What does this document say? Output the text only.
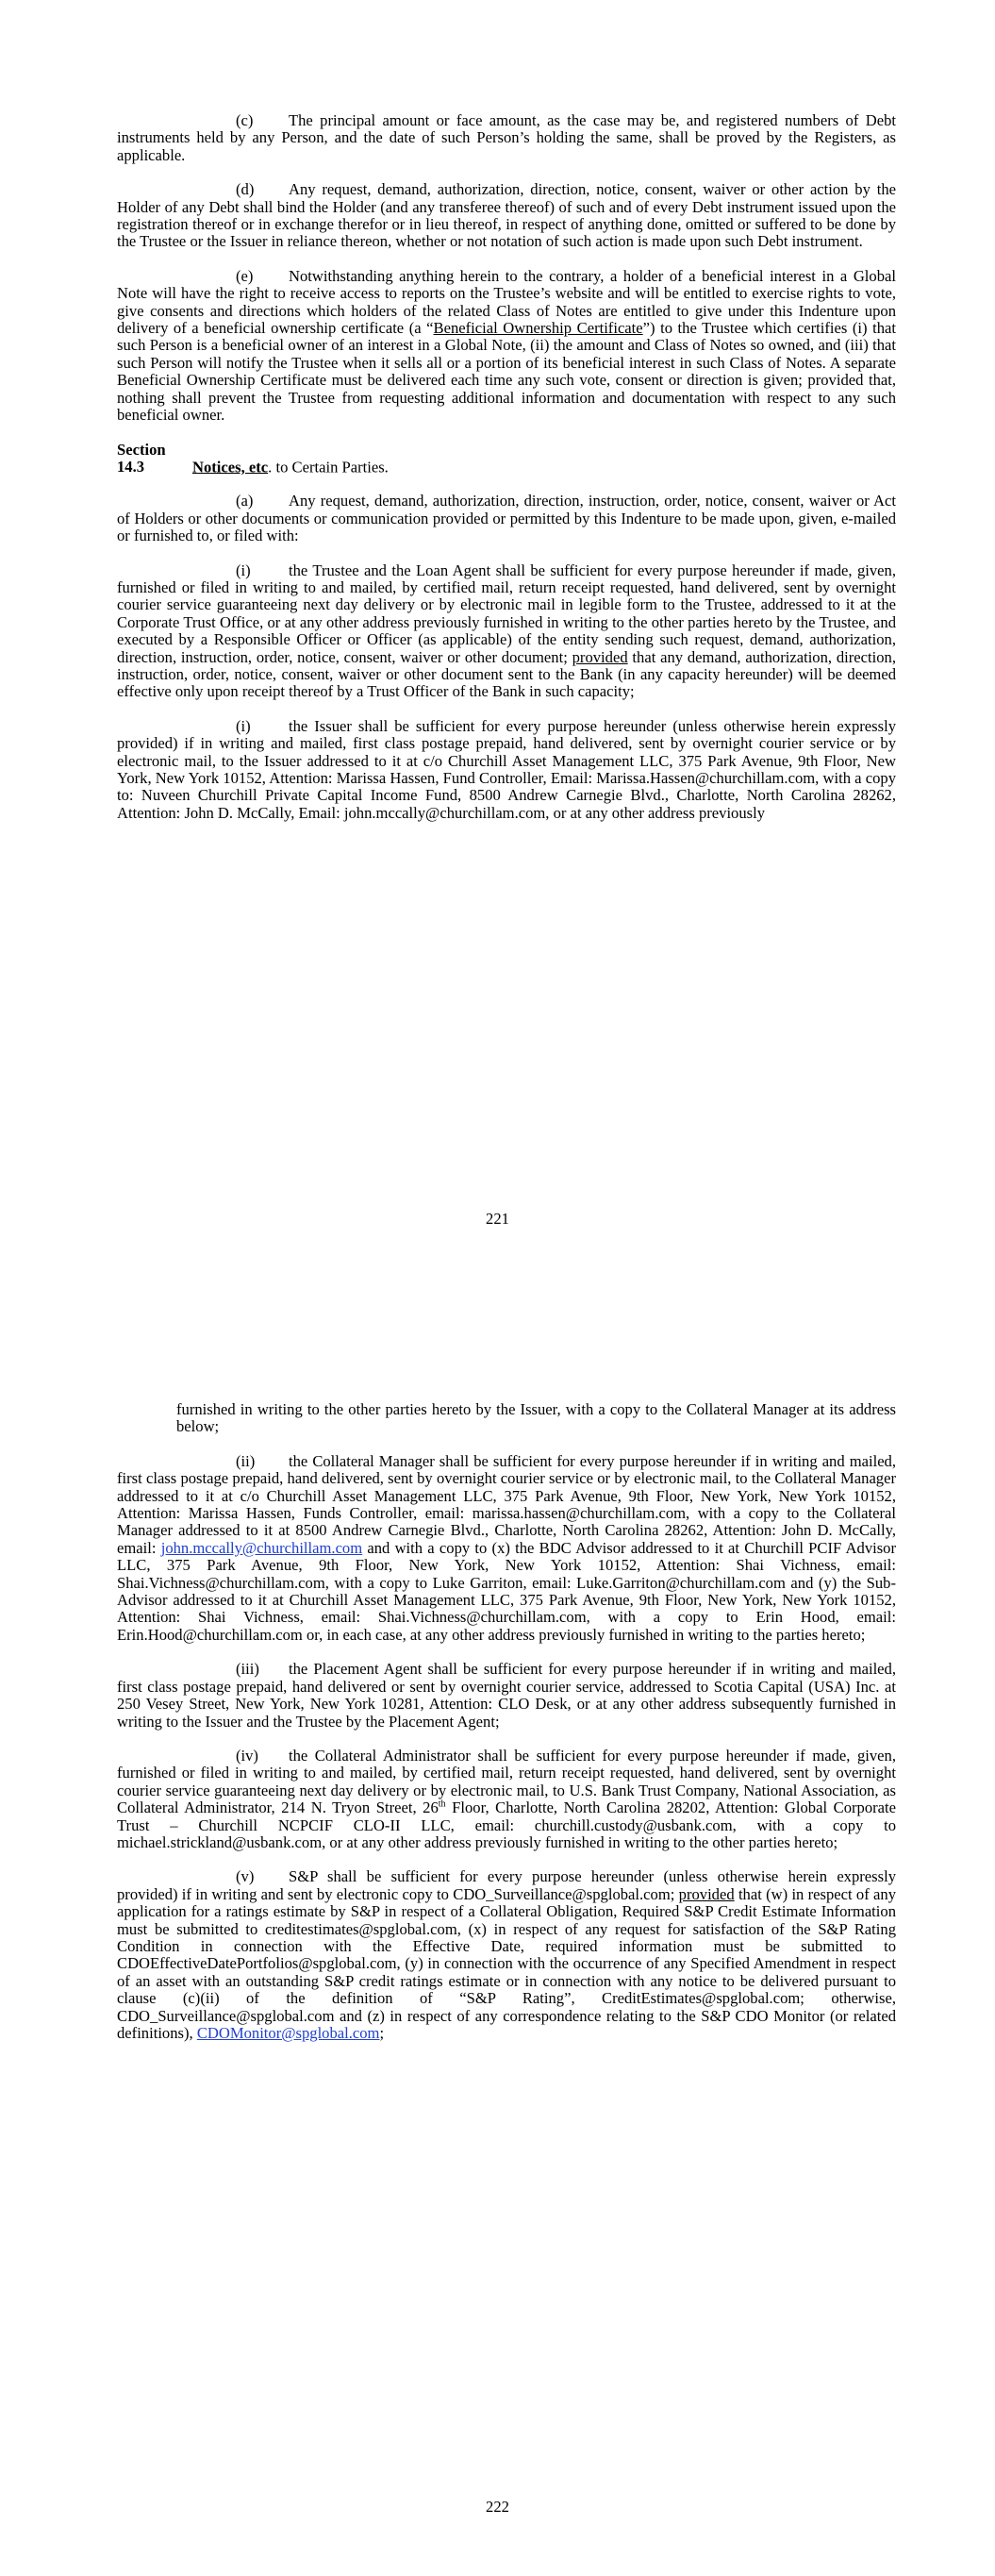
(c) The principal amount or face amount, as the case may be, and registered numbers of Debt instruments held by any Person, and the date of such Person’s holding the same, shall be proved by the Registers, as applicable.

(d) Any request, demand, authorization, direction, notice, consent, waiver or other action by the Holder of any Debt shall bind the Holder (and any transferee thereof) of such and of every Debt instrument issued upon the registration thereof or in exchange therefor or in lieu thereof, in respect of anything done, omitted or suffered to be done by the Trustee or the Issuer in reliance thereon, whether or not notation of such action is made upon such Debt instrument.

(e) Notwithstanding anything herein to the contrary, a holder of a beneficial interest in a Global Note will have the right to receive access to reports on the Trustee’s website and will be entitled to exercise rights to vote, give consents and directions which holders of the related Class of Notes are entitled to give under this Indenture upon delivery of a beneficial ownership certificate (a “Beneficial Ownership Certificate”) to the Trustee which certifies (i) that such Person is a beneficial owner of an interest in a Global Note, (ii) the amount and Class of Notes so owned, and (iii) that such Person will notify the Trustee when it sells all or a portion of its beneficial interest in such Class of Notes. A separate Beneficial Ownership Certificate must be delivered each time any such vote, consent or direction is given; provided that, nothing shall prevent the Trustee from requesting additional information and documentation with respect to any such beneficial owner.

Section 14.3	Notices, etc. to Certain Parties.

(a) Any request, demand, authorization, direction, instruction, order, notice, consent, waiver or Act of Holders or other documents or communication provided or permitted by this Indenture to be made upon, given, e-mailed or furnished to, or filed with:

(i) the Trustee and the Loan Agent shall be sufficient for every purpose hereunder if made, given, furnished or filed in writing to and mailed, by certified mail, return receipt requested, hand delivered, sent by overnight courier service guaranteeing next day delivery or by electronic mail in legible form to the Trustee, addressed to it at the Corporate Trust Office, or at any other address previously furnished in writing to the other parties hereto by the Trustee, and executed by a Responsible Officer or Officer (as applicable) of the entity sending such request, demand, authorization, direction, instruction, order, notice, consent, waiver or other document; provided that any demand, authorization, direction, instruction, order, notice, consent, waiver or other document sent to the Bank (in any capacity hereunder) will be deemed effective only upon receipt thereof by a Trust Officer of the Bank in such capacity;

(i) the Issuer shall be sufficient for every purpose hereunder (unless otherwise herein expressly provided) if in writing and mailed, first class postage prepaid, hand delivered, sent by overnight courier service or by electronic mail, to the Issuer addressed to it at c/o Churchill Asset Management LLC, 375 Park Avenue, 9th Floor, New York, New York 10152, Attention: Marissa Hassen, Fund Controller, Email: Marissa.Hassen@churchillam.com, with a copy to: Nuveen Churchill Private Capital Income Fund, 8500 Andrew Carnegie Blvd., Charlotte, North Carolina 28262, Attention: John D. McCally, Email: john.mccally@churchillam.com, or at any other address previously

221

furnished in writing to the other parties hereto by the Issuer, with a copy to the Collateral Manager at its address below;

(ii) the Collateral Manager shall be sufficient for every purpose hereunder if in writing and mailed, first class postage prepaid, hand delivered, sent by overnight courier service or by electronic mail, to the Collateral Manager addressed to it at c/o Churchill Asset Management LLC, 375 Park Avenue, 9th Floor, New York, New York 10152, Attention: Marissa Hassen, Funds Controller, email: marissa.hassen@churchillam.com, with a copy to the Collateral Manager addressed to it at 8500 Andrew Carnegie Blvd., Charlotte, North Carolina 28262, Attention: John D. McCally, email: john.mccally@churchillam.com and with a copy to (x) the BDC Advisor addressed to it at Churchill PCIF Advisor LLC, 375 Park Avenue, 9th Floor, New York, New York 10152, Attention: Shai Vichness, email: Shai.Vichness@churchillam.com, with a copy to Luke Garriton, email: Luke.Garriton@churchillam.com and (y) the Sub-Advisor addressed to it at Churchill Asset Management LLC, 375 Park Avenue, 9th Floor, New York, New York 10152, Attention: Shai Vichness, email: Shai.Vichness@churchillam.com, with a copy to Erin Hood, email: Erin.Hood@churchillam.com or, in each case, at any other address previously furnished in writing to the parties hereto;

(iii) the Placement Agent shall be sufficient for every purpose hereunder if in writing and mailed, first class postage prepaid, hand delivered or sent by overnight courier service, addressed to Scotia Capital (USA) Inc. at 250 Vesey Street, New York, New York 10281, Attention: CLO Desk, or at any other address subsequently furnished in writing to the Issuer and the Trustee by the Placement Agent;

(iv) the Collateral Administrator shall be sufficient for every purpose hereunder if made, given, furnished or filed in writing to and mailed, by certified mail, return receipt requested, hand delivered, sent by overnight courier service guaranteeing next day delivery or by electronic mail, to U.S. Bank Trust Company, National Association, as Collateral Administrator, 214 N. Tryon Street, 26th Floor, Charlotte, North Carolina 28202, Attention: Global Corporate Trust – Churchill NCPCIF CLO-II LLC, email: churchill.custody@usbank.com, with a copy to michael.strickland@usbank.com, or at any other address previously furnished in writing to the other parties hereto;

(v) S&P shall be sufficient for every purpose hereunder (unless otherwise herein expressly provided) if in writing and sent by electronic copy to CDO_Surveillance@spglobal.com; provided that (w) in respect of any application for a ratings estimate by S&P in respect of a Collateral Obligation, Required S&P Credit Estimate Information must be submitted to creditestimates@spglobal.com, (x) in respect of any request for satisfaction of the S&P Rating Condition in connection with the Effective Date, required information must be submitted to CDOEffectiveDatePortfolios@spglobal.com, (y) in connection with the occurrence of any Specified Amendment in respect of an asset with an outstanding S&P credit ratings estimate or in connection with any notice to be delivered pursuant to clause (c)(ii) of the definition of “S&P Rating”, CreditEstimates@spglobal.com; otherwise, CDO_Surveillance@spglobal.com and (z) in respect of any correspondence relating to the S&P CDO Monitor (or related definitions), CDOMonitor@spglobal.com;

222
